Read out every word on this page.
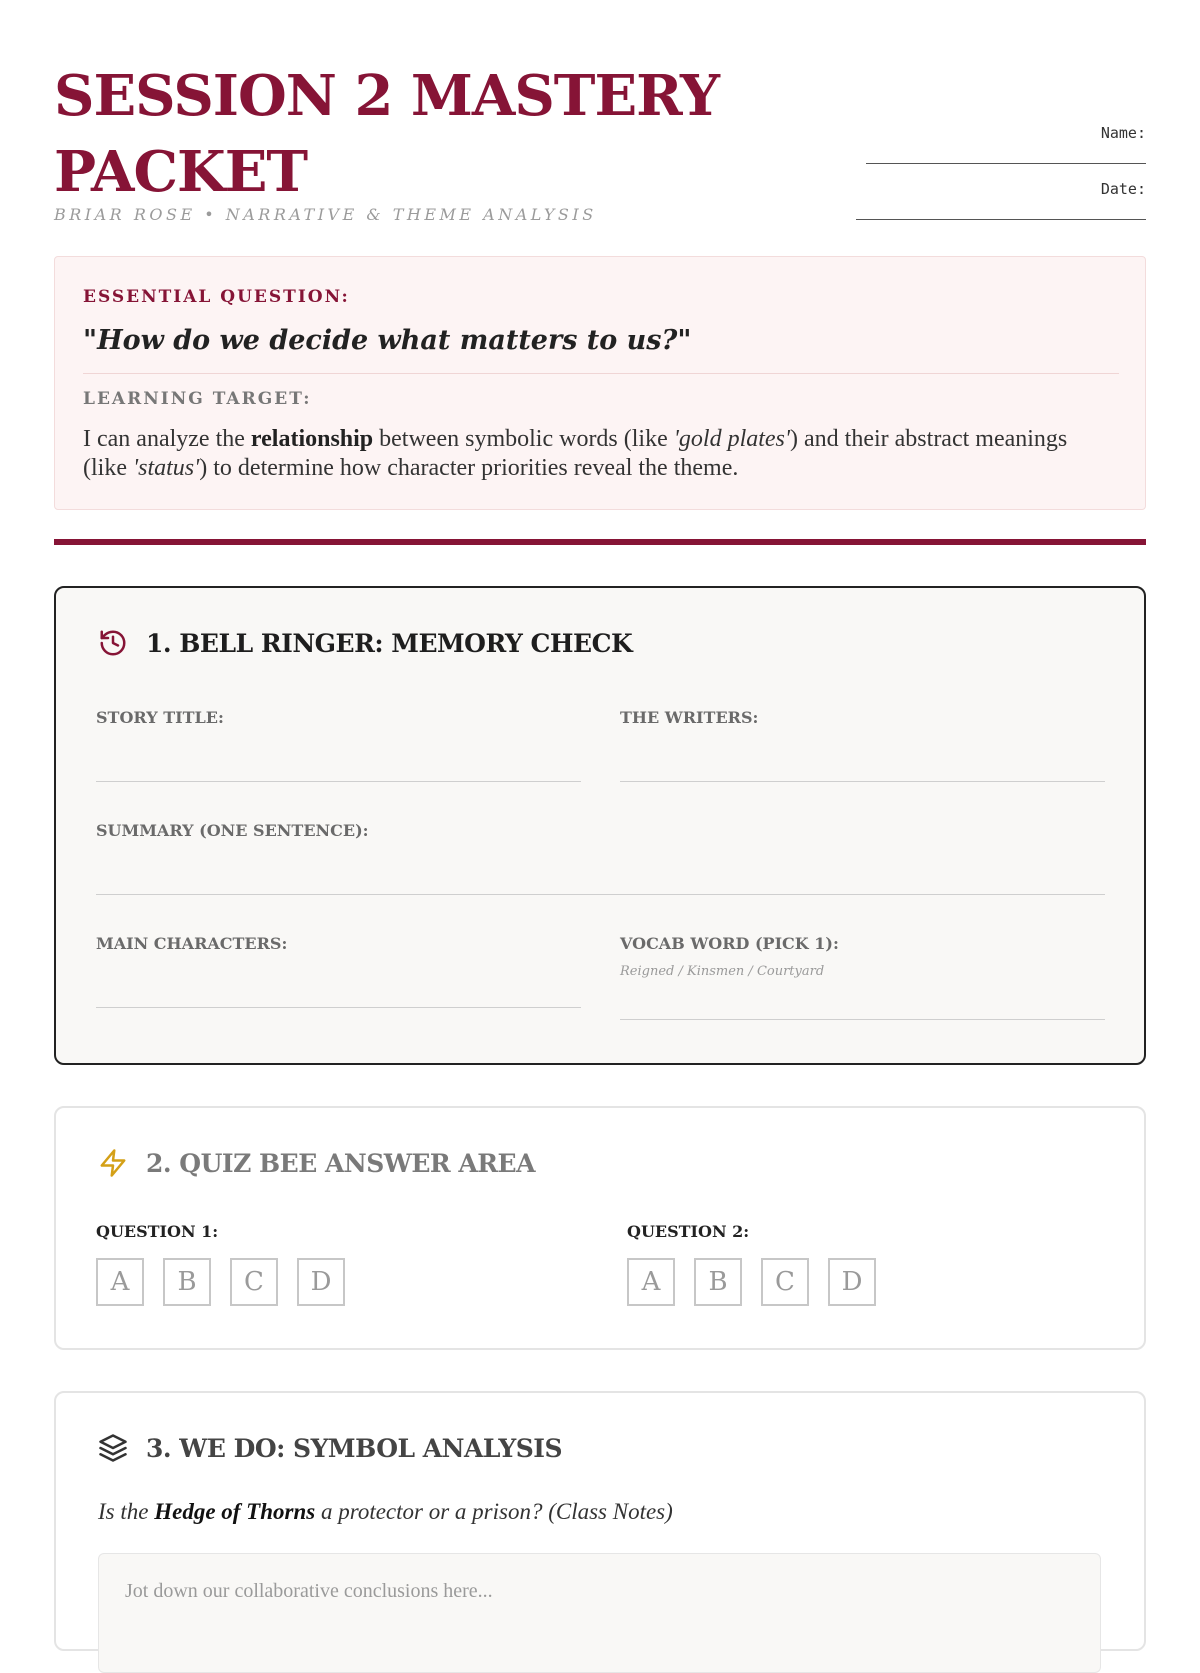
SESSION 2 MASTERY PACKET
BRIAR ROSE • NARRATIVE & THEME ANALYSIS
Name:
Date:
ESSENTIAL QUESTION:
"How do we decide what matters to us?"
LEARNING TARGET:
I can analyze the relationship between symbolic words (like 'gold plates') and their abstract meanings (like 'status') to determine how character priorities reveal the theme.
1. BELL RINGER: MEMORY CHECK
STORY TITLE:	THE WRITERS:
SUMMARY (ONE SENTENCE):
MAIN CHARACTERS:	VOCAB WORD (PICK 1):
Reigned / Kinsmen / Courtyard
2. QUIZ BEE ANSWER AREA
QUESTION 1:
A	B	C	D
QUESTION 2:
A	B	C	D
3. WE DO: SYMBOL ANALYSIS
Is the Hedge of Thorns a protector or a prison? (Class Notes)
Jot down our collaborative conclusions here...
